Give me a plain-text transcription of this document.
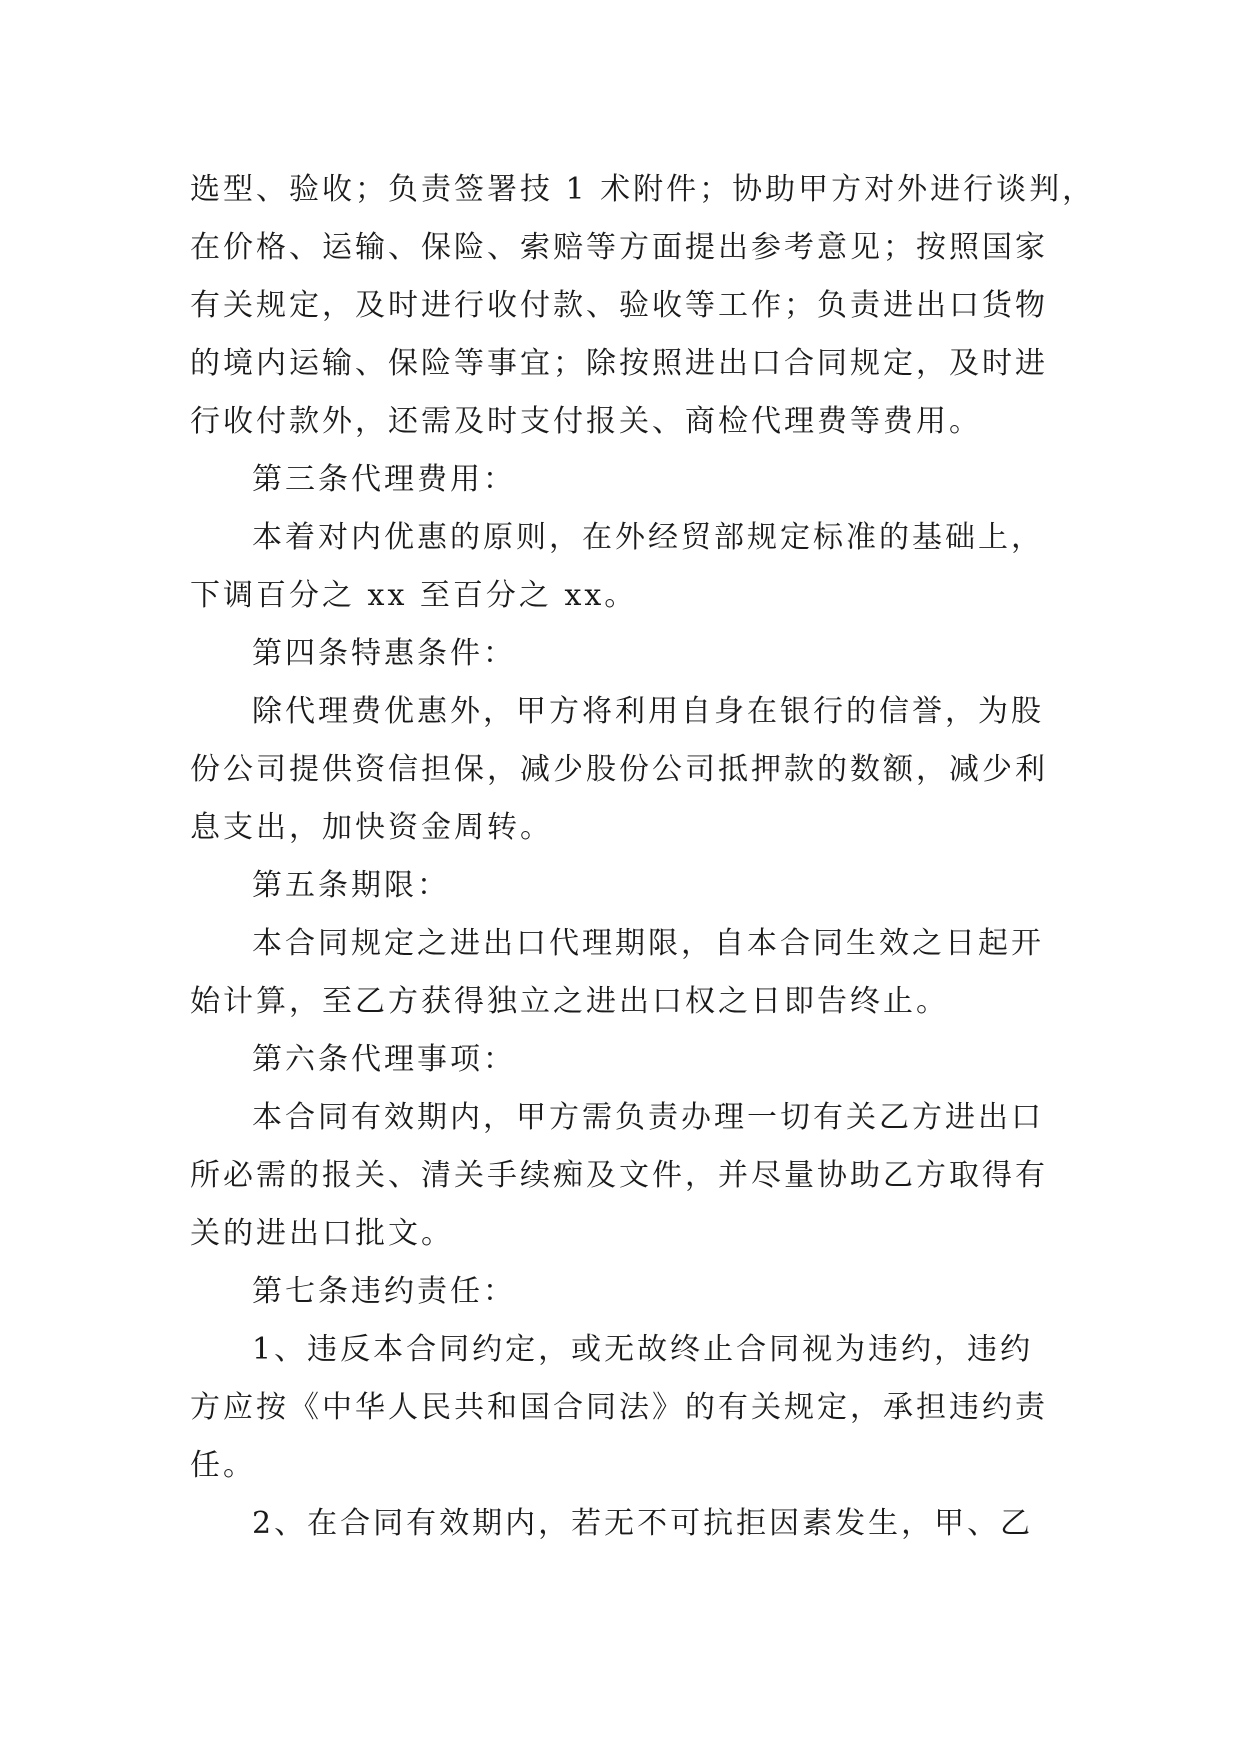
选型、验收；负责签署技 1 术附件；协助甲方对外进行谈判，
在价格、运输、保险、索赔等方面提出参考意见；按照国家
有关规定，及时进行收付款、验收等工作；负责进出口货物
的境内运输、保险等事宜；除按照进出口合同规定，及时进
行收付款外，还需及时支付报关、商检代理费等费用。
第三条代理费用：
本着对内优惠的原则，在外经贸部规定标准的基础上，
下调百分之 xx 至百分之 xx。
第四条特惠条件：
除代理费优惠外，甲方将利用自身在银行的信誉，为股
份公司提供资信担保，减少股份公司抵押款的数额，减少利
息支出，加快资金周转。
第五条期限：
本合同规定之进出口代理期限，自本合同生效之日起开
始计算，至乙方获得独立之进出口权之日即告终止。
第六条代理事项：
本合同有效期内，甲方需负责办理一切有关乙方进出口
所必需的报关、清关手续痴及文件，并尽量协助乙方取得有
关的进出口批文。
第七条违约责任：
1、违反本合同约定，或无故终止合同视为违约，违约
方应按《中华人民共和国合同法》的有关规定，承担违约责
任。
2、在合同有效期内，若无不可抗拒因素发生，甲、乙
